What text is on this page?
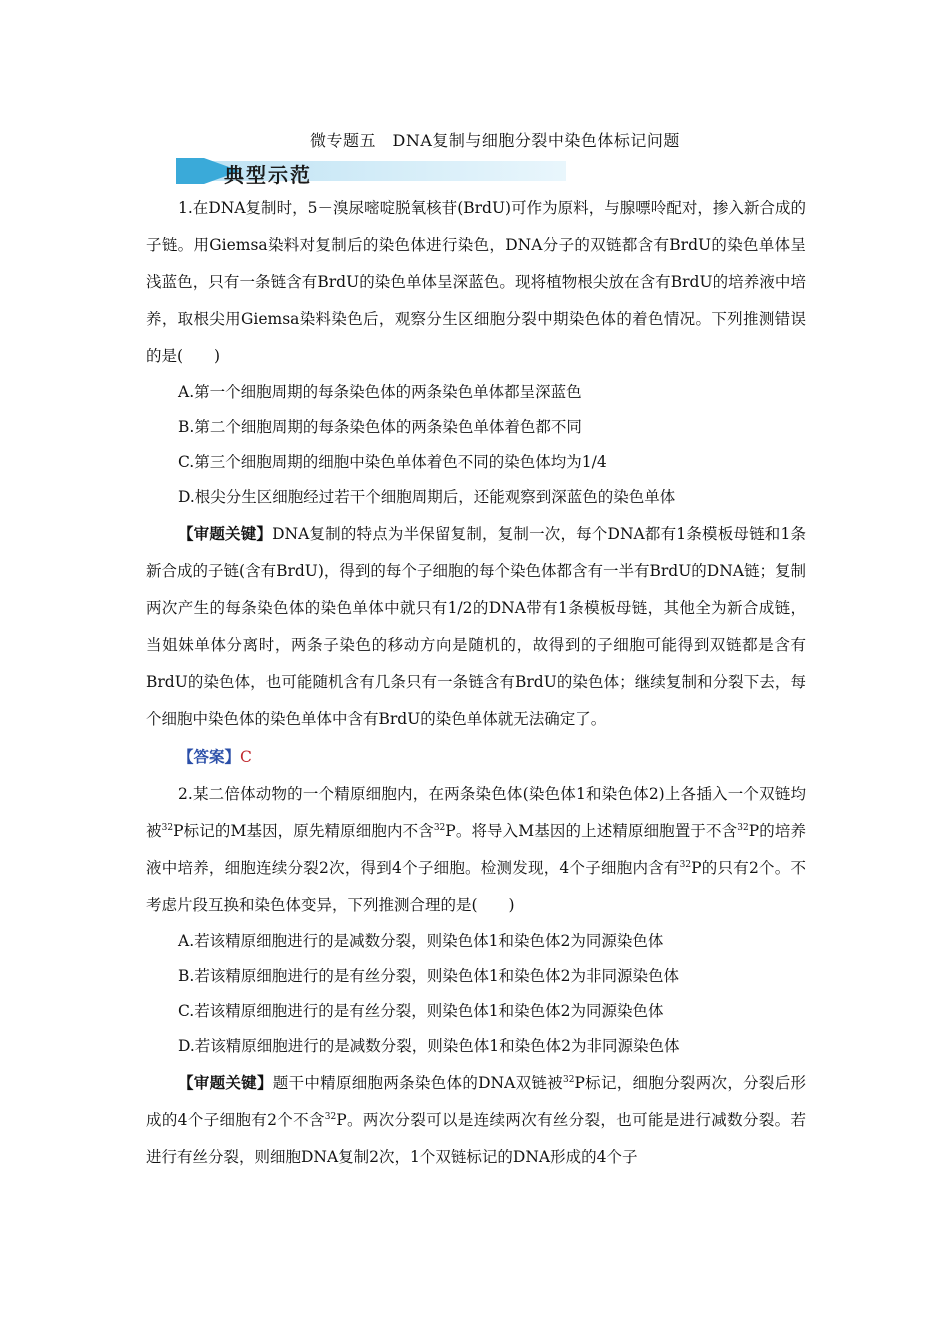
微专题五　DNA复制与细胞分裂中染色体标记问题
典型示范

1.在DNA复制时，5－溴尿嘧啶脱氧核苷(BrdU)可作为原料，与腺嘌呤配对，掺入新合成的子链。用Giemsa染料对复制后的染色体进行染色，DNA分子的双链都含有BrdU的染色单体呈浅蓝色，只有一条链含有BrdU的染色单体呈深蓝色。现将植物根尖放在含有BrdU的培养液中培养，取根尖用Giemsa染料染色后，观察分生区细胞分裂中期染色体的着色情况。下列推测错误的是(　　)

A.第一个细胞周期的每条染色体的两条染色单体都呈深蓝色

B.第二个细胞周期的每条染色体的两条染色单体着色都不同

C.第三个细胞周期的细胞中染色单体着色不同的染色体均为1/4

D.根尖分生区细胞经过若干个细胞周期后，还能观察到深蓝色的染色单体

【审题关键】DNA复制的特点为半保留复制，复制一次，每个DNA都有1条模板母链和1条新合成的子链(含有BrdU)，得到的每个子细胞的每个染色体都含有一半有BrdU的DNA链；复制两次产生的每条染色体的染色单体中就只有1/2的DNA带有1条模板母链，其他全为新合成链，当姐妹单体分离时，两条子染色的移动方向是随机的，故得到的子细胞可能得到双链都是含有BrdU的染色体，也可能随机含有几条只有一条链含有BrdU的染色体；继续复制和分裂下去，每个细胞中染色体的染色单体中含有BrdU的染色单体就无法确定了。

【答案】C

2.某二倍体动物的一个精原细胞内，在两条染色体(染色体1和染色体2)上各插入一个双链均被$^{32}$P标记的M基因，原先精原细胞内不含$^{32}$P。将导入M基因的上述精原细胞置于不含$^{32}$P的培养液中培养，细胞连续分裂2次，得到4个子细胞。检测发现，4个子细胞内含有$^{32}$P的只有2个。不考虑片段互换和染色体变异，下列推测合理的是(　　)

A.若该精原细胞进行的是减数分裂，则染色体1和染色体2为同源染色体

B.若该精原细胞进行的是有丝分裂，则染色体1和染色体2为非同源染色体

C.若该精原细胞进行的是有丝分裂，则染色体1和染色体2为同源染色体

D.若该精原细胞进行的是减数分裂，则染色体1和染色体2为非同源染色体

【审题关键】题干中精原细胞两条染色体的DNA双链被$^{32}$P标记，细胞分裂两次，分裂后形成的4个子细胞有2个不含$^{32}$P。两次分裂可以是连续两次有丝分裂，也可能是进行减数分裂。若进行有丝分裂，则细胞DNA复制2次，1个双链标记的DNA形成的4个子
